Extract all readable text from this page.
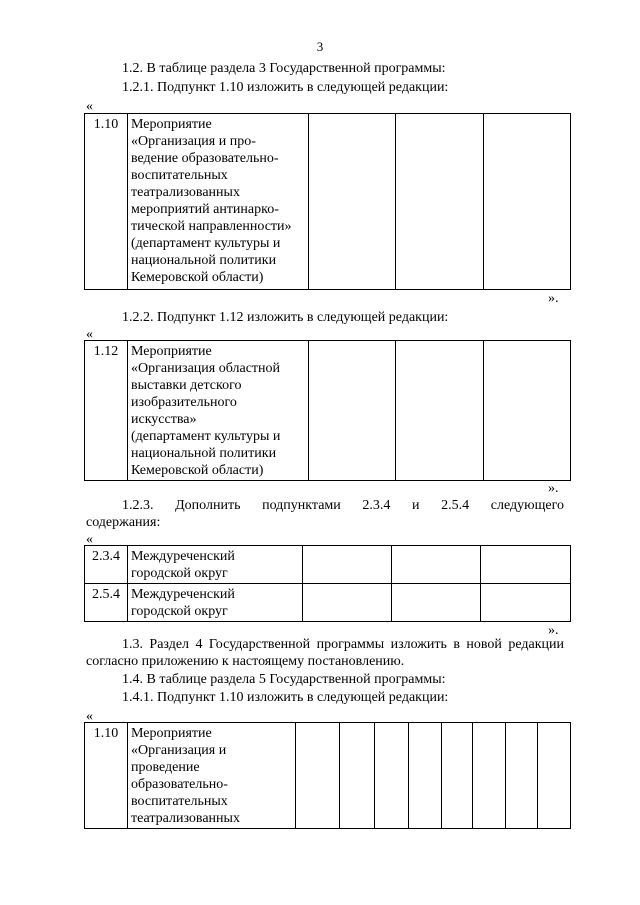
3
1.2. В таблице раздела 3 Государственной программы:
1.2.1. Подпункт 1.10 изложить в следующей редакции:
«
1.10	Мероприятие
«Организация и про-
ведение образовательно-
воспитательных
театрализованных
мероприятий антинарко-
тической направленности»
(департамент культуры и
национальной политики
Кемеровской области)			
».
1.2.2. Подпункт 1.12 изложить в следующей редакции:
«
1.12	Мероприятие
«Организация областной
выставки детского
изобразительного
искусства»
(департамент культуры и
национальной политики
Кемеровской области)			
».
1.2.3. Дополнить подпунктами 2.3.4 и 2.5.4 следующего
содержания:
«
2.3.4	Междуреченский
городской округ			
2.5.4	Междуреченский
городской округ			
».
1.3. Раздел 4 Государственной программы изложить в новой редакции согласно приложению к настоящему постановлению.
1.4. В таблице раздела 5 Государственной программы:
1.4.1. Подпункт 1.10 изложить в следующей редакции:
«
1.10	Мероприятие
«Организация и
проведение
образовательно-
воспитательных
театрализованных								
